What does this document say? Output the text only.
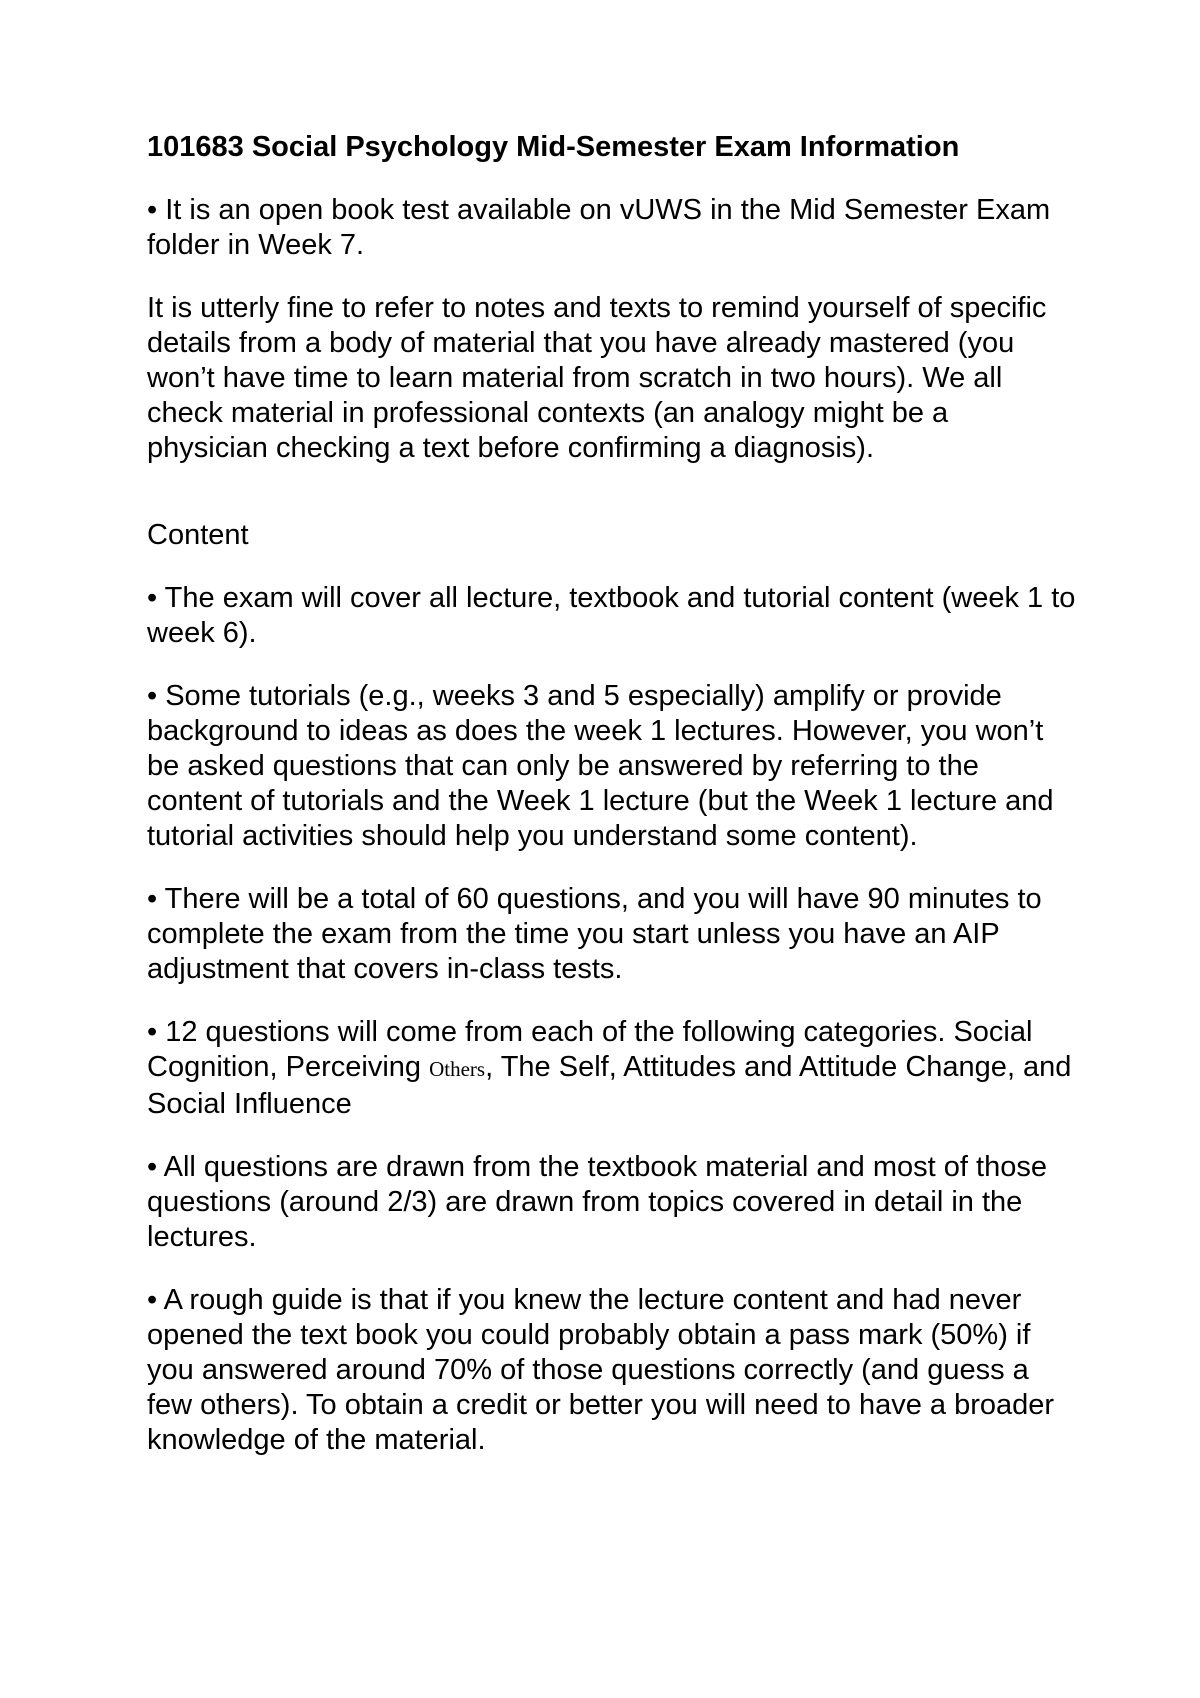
101683 Social Psychology Mid-Semester Exam Information

• It is an open book test available on vUWS in the Mid Semester Exam folder in Week 7.

It is utterly fine to refer to notes and texts to remind yourself of specific details from a body of material that you have already mastered (you won’t have time to learn material from scratch in two hours). We all check material in professional contexts (an analogy might be a physician checking a text before confirming a diagnosis).

Content

• The exam will cover all lecture, textbook and tutorial content (week 1 to week 6).

• Some tutorials (e.g., weeks 3 and 5 especially) amplify or provide background to ideas as does the week 1 lectures. However, you won’t be asked questions that can only be answered by referring to the content of tutorials and the Week 1 lecture (but the Week 1 lecture and tutorial activities should help you understand some content).

• There will be a total of 60 questions, and you will have 90 minutes to complete the exam from the time you start unless you have an AIP adjustment that covers in-class tests.

• 12 questions will come from each of the following categories. Social Cognition, Perceiving Others, The Self, Attitudes and Attitude Change, and Social Influence

• All questions are drawn from the textbook material and most of those questions (around 2/3) are drawn from topics covered in detail in the lectures.

• A rough guide is that if you knew the lecture content and had never opened the text book you could probably obtain a pass mark (50%) if you answered around 70% of those questions correctly (and guess a few others). To obtain a credit or better you will need to have a broader knowledge of the material.
